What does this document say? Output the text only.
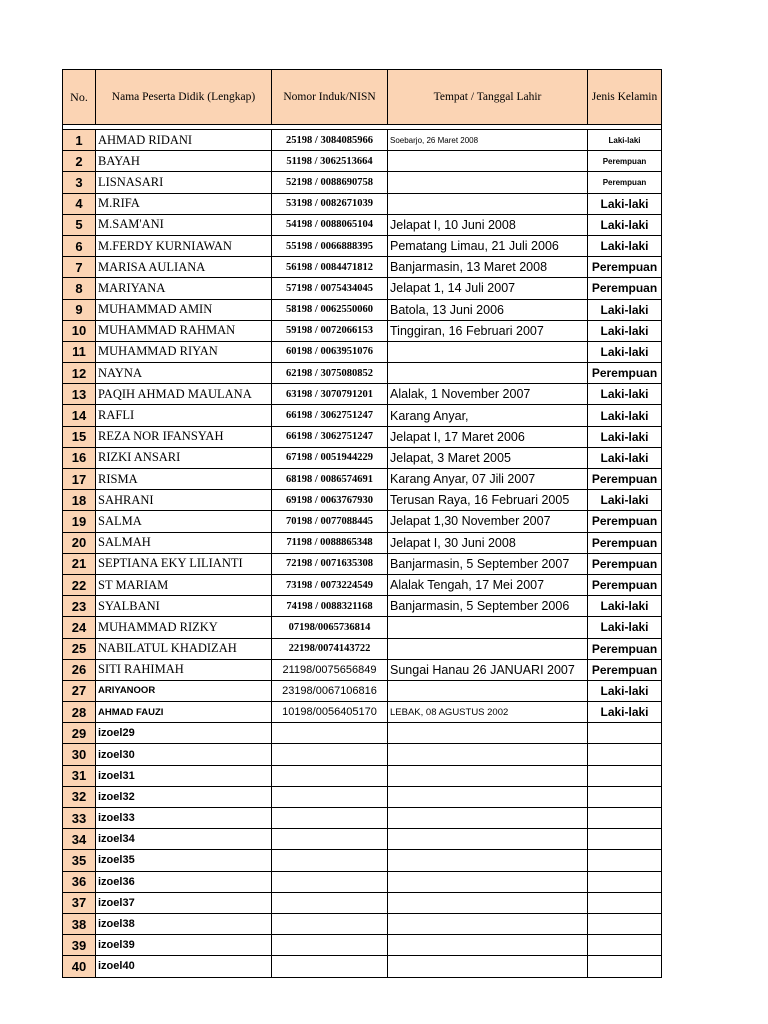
No.	Nama Peserta Didik (Lengkap)	Nomor Induk/NISN	Tempat / Tanggal Lahir	Jenis Kelamin

1	AHMAD RIDANI	25198 / 3084085966	Soebarjo, 26 Maret 2008	Laki-laki
2	BAYAH	51198 / 3062513664		Perempuan
3	LISNASARI	52198 / 0088690758		Perempuan
4	M.RIFA	53198 / 0082671039		Laki-laki
5	M.SAM'ANI	54198 / 0088065104	Jelapat I, 10 Juni 2008	Laki-laki
6	M.FERDY KURNIAWAN	55198 / 0066888395	Pematang Limau, 21 Juli 2006	Laki-laki
7	MARISA AULIANA	56198 / 0084471812	Banjarmasin, 13 Maret 2008	Perempuan
8	MARIYANA	57198 / 0075434045	Jelapat 1, 14 Juli 2007	Perempuan
9	MUHAMMAD AMIN	58198 / 0062550060	Batola, 13 Juni 2006	Laki-laki
10	MUHAMMAD RAHMAN	59198 / 0072066153	Tinggiran, 16 Februari 2007	Laki-laki
11	MUHAMMAD RIYAN	60198 / 0063951076		Laki-laki
12	NAYNA	62198 / 3075080852		Perempuan
13	PAQIH AHMAD MAULANA	63198 / 3070791201	Alalak, 1 November 2007	Laki-laki
14	RAFLI	66198 / 3062751247	Karang Anyar,	Laki-laki
15	REZA NOR IFANSYAH	66198 / 3062751247	Jelapat I, 17 Maret 2006	Laki-laki
16	RIZKI ANSARI	67198 / 0051944229	Jelapat, 3 Maret 2005	Laki-laki
17	RISMA	68198 / 0086574691	Karang Anyar, 07 Jili 2007	Perempuan
18	SAHRANI	69198 / 0063767930	Terusan Raya, 16 Februari 2005	Laki-laki
19	SALMA	70198 / 0077088445	Jelapat 1,30 November 2007	Perempuan
20	SALMAH	71198 / 0088865348	Jelapat I, 30 Juni 2008	Perempuan
21	SEPTIANA EKY LILIANTI	72198 / 0071635308	Banjarmasin, 5 September 2007	Perempuan
22	ST MARIAM	73198 / 0073224549	Alalak Tengah, 17 Mei 2007	Perempuan
23	SYALBANI	74198 / 0088321168	Banjarmasin, 5 September 2006	Laki-laki
24	MUHAMMAD RIZKY	07198/0065736814		Laki-laki
25	NABILATUL KHADIZAH	22198/0074143722		Perempuan
26	SITI RAHIMAH	21198/0075656849	Sungai Hanau 26 JANUARI 2007	Perempuan
27	ARIYANOOR	23198/0067106816		Laki-laki
28	AHMAD FAUZI	10198/0056405170	LEBAK, 08 AGUSTUS 2002	Laki-laki
29	izoel29			
30	izoel30			
31	izoel31			
32	izoel32			
33	izoel33			
34	izoel34			
35	izoel35			
36	izoel36			
37	izoel37			
38	izoel38			
39	izoel39			
40	izoel40			
